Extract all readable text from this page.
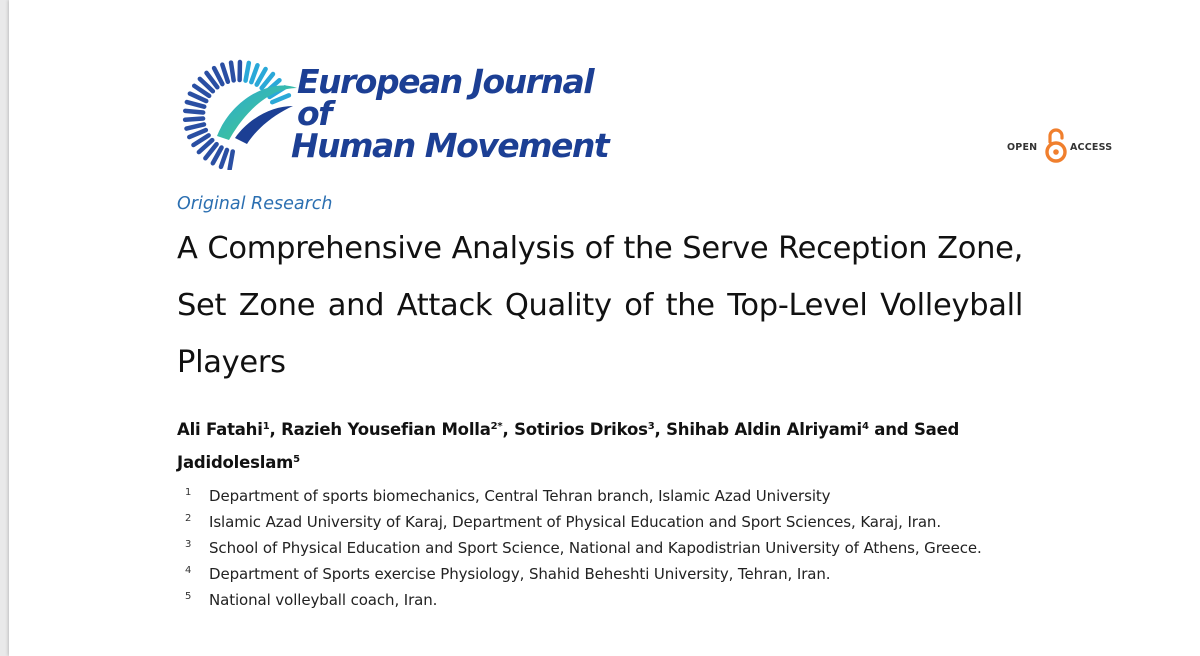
European Journal of
Human Movement	OPEN	ACCESS
Original Research
A Comprehensive Analysis of the Serve Reception Zone, Set Zone and Attack Quality of the Top-Level Volleyball Players
Ali Fatahi$^1$, Razieh Yousefian Molla$^{2*}$, Sotirios Drikos$^3$, Shihab Aldin Alriyami$^4$ and Saed Jadidoleslam$^5$
1 Department of sports biomechanics, Central Tehran branch, Islamic Azad University
2 Islamic Azad University of Karaj, Department of Physical Education and Sport Sciences, Karaj, Iran.
3 School of Physical Education and Sport Science, National and Kapodistrian University of Athens, Greece.
4 Department of Sports exercise Physiology, Shahid Beheshti University, Tehran, Iran.
5 National volleyball coach, Iran.
